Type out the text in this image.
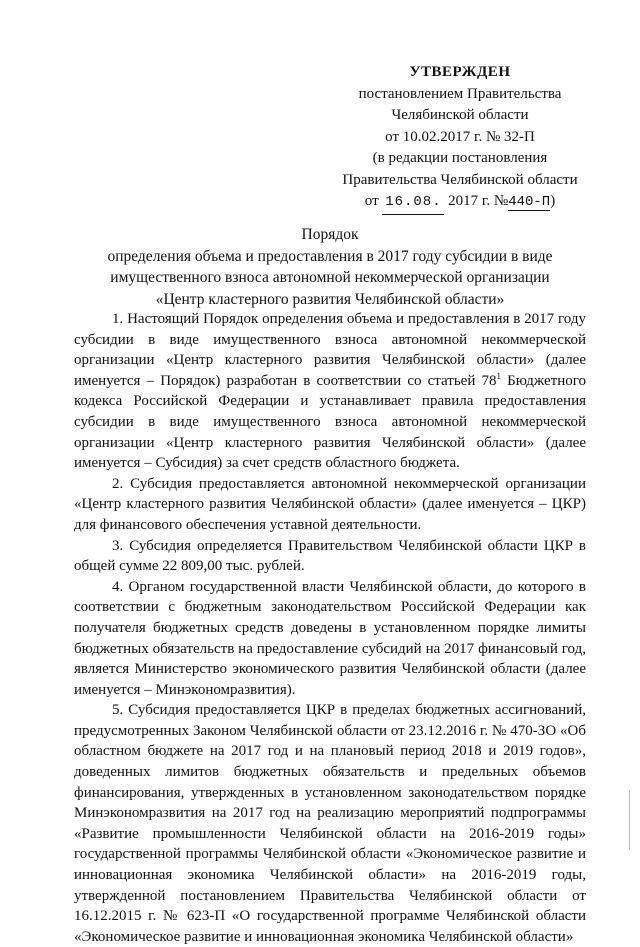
УТВЕРЖДЕН
постановлением Правительства
Челябинской области
от 10.02.2017 г. № 32-П
(в редакции постановления
Правительства Челябинской области
от 16.08. 2017 г. №440-П)
Порядок
определения объема и предоставления в 2017 году субсидии в виде
имущественного взноса автономной некоммерческой организации
«Центр кластерного развития Челябинской области»

1. Настоящий Порядок определения объема и предоставления в 2017 году субсидии в виде имущественного взноса автономной некоммерческой организации «Центр кластерного развития Челябинской области» (далее именуется – Порядок) разработан в соответствии со статьей $78^1$ Бюджетного кодекса Российской Федерации и устанавливает правила предоставления субсидии в виде имущественного взноса автономной некоммерческой организации «Центр кластерного развития Челябинской области» (далее именуется – Субсидия) за счет средств областного бюджета.

2. Субсидия предоставляется автономной некоммерческой организации «Центр кластерного развития Челябинской области» (далее именуется – ЦКР) для финансового обеспечения уставной деятельности.

3. Субсидия определяется Правительством Челябинской области ЦКР в общей сумме 22 809,00 тыс. рублей.

4. Органом государственной власти Челябинской области, до которого в соответствии с бюджетным законодательством Российской Федерации как получателя бюджетных средств доведены в установленном порядке лимиты бюджетных обязательств на предоставление субсидий на 2017 финансовый год, является Министерство экономического развития Челябинской области (далее именуется – Минэкономразвития).

5. Субсидия предоставляется ЦКР в пределах бюджетных ассигнований, предусмотренных Законом Челябинской области от 23.12.2016 г. № 470-ЗО «Об областном бюджете на 2017 год и на плановый период 2018 и 2019 годов», доведенных лимитов бюджетных обязательств и предельных объемов финансирования, утвержденных в установленном законодательством порядке Минэкономразвития на 2017 год на реализацию мероприятий подпрограммы «Развитие промышленности Челябинской области на 2016-2019 годы» государственной программы Челябинской области «Экономическое развитие и инновационная экономика Челябинской области» на 2016-2019 годы, утвержденной постановлением Правительства Челябинской области от 16.12.2015 г. № 623-П «О государственной программе Челябинской области «Экономическое развитие и инновационная экономика Челябинской области»
